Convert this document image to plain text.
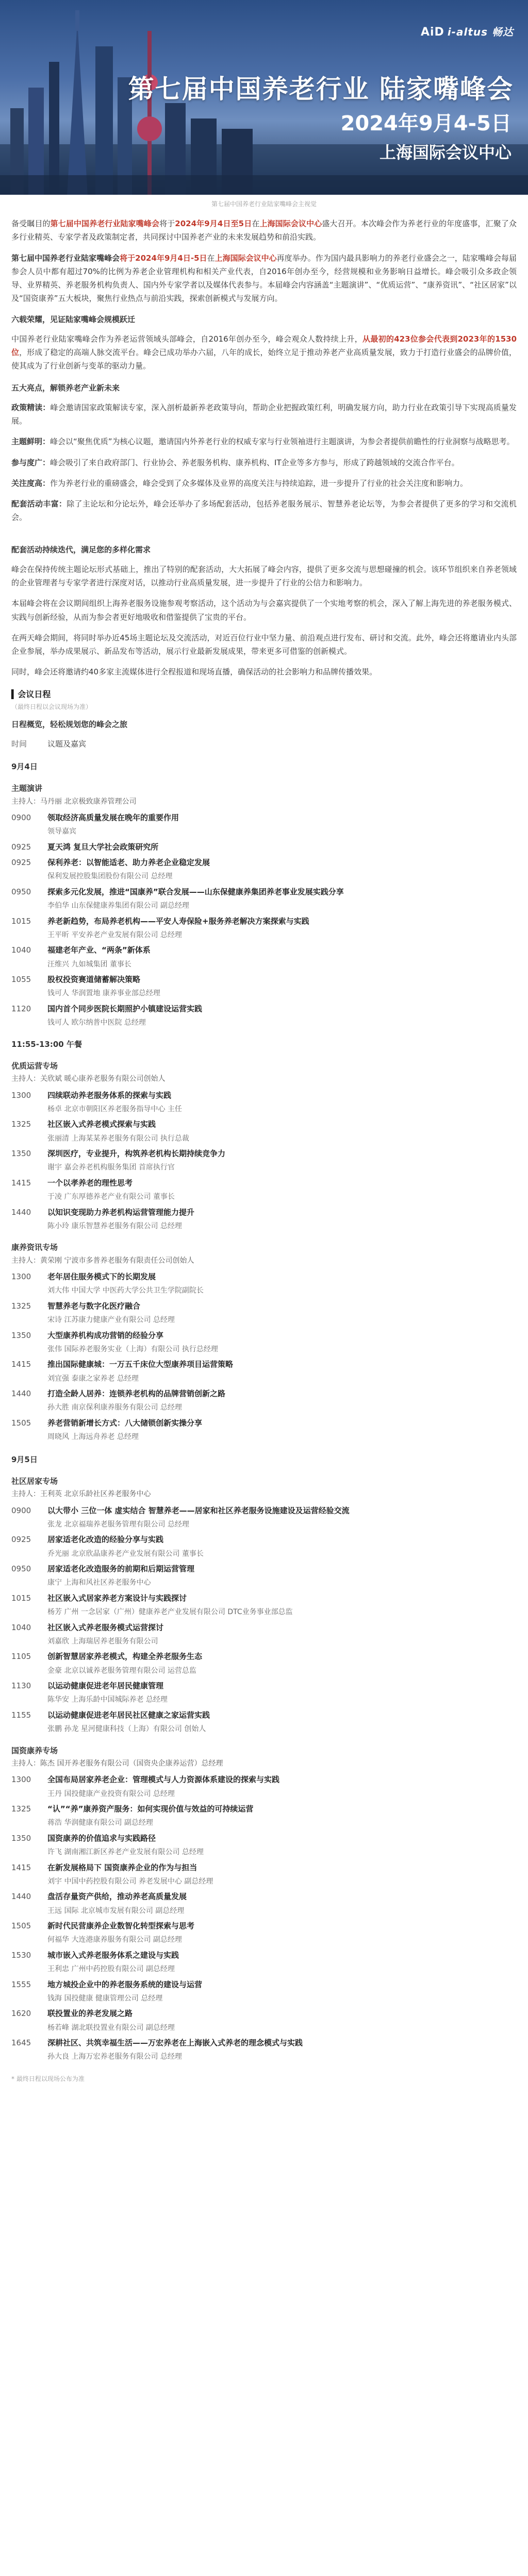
AiD i-altus 畅达
第七届中国养老行业 陆家嘴峰会
2024年9月4-5日
上海国际会议中心
第七届中国养老行业陆家嘴峰会主视觉

备受瞩目的第七届中国养老行业陆家嘴峰会将于2024年9月4日至5日在上海国际会议中心盛大召开。本次峰会作为养老行业的年度盛事，汇聚了众多行业精英、专家学者及政策制定者，共同探讨中国养老产业的未来发展趋势和前沿实践。

第七届中国养老行业陆家嘴峰会将于2024年9月4日-5日在上海国际会议中心再度举办。作为国内最具影响力的养老行业盛会之一，陆家嘴峰会每届参会人员中都有超过70%的比例为养老企业管理机构和相关产业代表，自2016年创办至今，经营规模和业务影响日益增长。峰会吸引众多政企领导、业界精英、养老服务机构负责人、国内外专家学者以及媒体代表参与。本届峰会内容涵盖“主题演讲”、“优质运营”、“康养资讯”、“社区居家”以及“国资康养”五大板块，聚焦行业热点与前沿实践，探索创新模式与发展方向。

六载荣耀，见证陆家嘴峰会规模跃迁

中国养老行业陆家嘴峰会作为养老运营领域头部峰会，自2016年创办至今，峰会观众人数持续上升，从最初的423位参会代表到2023年的1530位，形成了稳定的高端人脉交流平台。峰会已成功举办六届，八年的成长，始终立足于推动养老产业高质量发展，致力于打造行业盛会的品牌价值，使其成为了行业创新与变革的驱动力量。

五大亮点，解锁养老产业新未来

政策精读：峰会邀请国家政策解读专家，深入剖析最新养老政策导向，帮助企业把握政策红利，明确发展方向，助力行业在政策引导下实现高质量发展。

主题鲜明：峰会以“聚焦优质”为核心议题，邀请国内外养老行业的权威专家与行业领袖进行主题演讲，为参会者提供前瞻性的行业洞察与战略思考。

参与度广：峰会吸引了来自政府部门、行业协会、养老服务机构、康养机构、IT企业等多方参与，形成了跨越领域的交流合作平台。

关注度高：作为养老行业的重磅盛会，峰会受到了众多媒体及业界的高度关注与持续追踪，进一步提升了行业的社会关注度和影响力。

配套活动丰富：除了主论坛和分论坛外，峰会还举办了多场配套活动，包括养老服务展示、智慧养老论坛等，为参会者提供了更多的学习和交流机会。

配套活动持续迭代，满足您的多样化需求

峰会在保持传统主题论坛形式基础上，推出了特别的配套活动，大大拓展了峰会内容，提供了更多交流与思想碰撞的机会。该环节组织来自养老领域的企业管理者与专家学者进行深度对话，以推动行业高质量发展，进一步提升了行业的公信力和影响力。

本届峰会将在会议期间组织上海养老服务设施参观考察活动，这个活动为与会嘉宾提供了一个实地考察的机会，深入了解上海先进的养老服务模式、实践与创新经验，从而为参会者更好地吸收和借鉴提供了宝贵的平台。

在两天峰会期间，将同时举办近45场主题论坛及交流活动，对近百位行业中坚力量、前沿观点进行发布、研讨和交流。此外，峰会还将邀请业内头部企业参展，举办成果展示、新品发布等活动，展示行业最新发展成果，带来更多可借鉴的创新模式。

同时，峰会还将邀请约40多家主流媒体进行全程报道和现场直播，确保活动的社会影响力和品牌传播效果。

▍会议日程
（最终日程以会议现场为准）
日程概览，轻松规划您的峰会之旅
时间	议题及嘉宾
9月4日
主题演讲
主持人：马丹丽 北京极致康养管理公司
0900	领取经济高质量发展在晚年的重要作用
领导嘉宾
0925	夏天鸿 复旦大学社会政策研究所
0925	保利养老：以智能适老、助力养老企业稳定发展
保利发展控股集团股份有限公司 总经理
0950	探索多元化发展，推进“国康养”联合发展——山东保健康养集团养老事业发展实践分享
李伯华 山东保健康养集团有限公司 副总经理
1015	养老新趋势，布局养老机构——平安人寿保险+服务养老解决方案探索与实践
王平昕 平安养老产业发展有限公司 总经理
1040	福建老年产业、“两条”新体系
汪维兴 九如城集团 董事长
1055	股权投资赛道储蓄解决策略
钱可人 华润置地 康养事业部总经理
1120	国内首个同步医院长期照护小镇建设运营实践
钱可人 欧尔纳普中医院 总经理
11:55-13:00 午餐
优质运营专场
主持人：关欣斌 暖心康养老服务有限公司创始人
1300	四续联动养老服务体系的探索与实践
杨卓 北京市朝阳区养老服务指导中心 主任
1325	社区嵌入式养老模式探索与实践
张丽清 上海某某养老服务有限公司 执行总裁
1350	深圳医疗，专业提升，构筑养老机构长期持续竞争力
谢宇 嘉会养老机构服务集团 首席执行官
1415	一个以孝养老的理性思考
于凌 广东厚德养老产业有限公司 董事长
1440	以知识变现助力养老机构运营管理能力提升
陈小玲 康乐智慧养老服务有限公司 总经理
康养资讯专场
主持人：黄荣刚 宁波市多普养老服务有限责任公司创始人
1300	老年居住服务模式下的长期发展
刘大伟 中国大学 中医药大学公共卫生学院副院长
1325	智慧养老与数字化医疗融合
宋诗 江苏康力健康产业有限公司 总经理
1350	大型康养机构成功营销的经验分享
张伟 国际养老服务实业（上海）有限公司 执行总经理
1415	推出国际健康城：一万五千床位大型康养项目运营策略
刘宜强 泰康之家养老 总经理
1440	打造全龄人居养：连锁养老机构的品牌营销创新之路
孙大胜 南京保利康养服务有限公司 总经理
1505	养老营销新增长方式：八大储锁创新实操分享
周晓风 上海远舟养老 总经理
9月5日
社区居家专场
主持人：王利英 北京乐龄社区养老服务中心
0900	以大带小 三位一体 虚实结合 智慧养老——居家和社区养老服务设施建设及运营经验交流
张龙 北京福瑞养老服务管理有限公司 总经理
0925	居家适老化改造的经验分享与实践
乔光丽 北京欣晶康养老产业发展有限公司 董事长
0950	居家适老化改造服务的前期和后期运营管理
康宁 上海和风社区养老服务中心
1015	社区嵌入式居家养老方案设计与实践探讨
杨芳 广州 一念居家（广州）健康养老产业发展有限公司 DTC业务事业部总监
1040	社区嵌入式养老服务模式运营探讨
刘嘉欣 上海瑞居养老服务有限公司
1105	创新智慧居家养老模式，构建全养老服务生态
金豪 北京以诚养老服务管理有限公司 运营总监
1130	以运动健康促进老年居民健康管理
陈华安 上海乐龄中国城际养老 总经理
1155	以运动健康促进老年居民社区健康之家运营实践
张鹏 孙龙 星河健康科技（上海）有限公司 创始人
国资康养专场
主持人：陈杰 国开养老服务有限公司（国资央企康养运营）总经理
1300	全国布局居家养老企业：管理模式与人力资源体系建设的探索与实践
王丹 国投健康产业投资有限公司 总经理
1325	“认”“养”康养资产服务：如何实现价值与效益的可持续运营
蒋浩 华润健康有限公司 副总经理
1350	国资康养的价值追求与实践路径
许飞 湖南湘江新区养老产业发展有限公司 总经理
1415	在新发展格局下 国资康养企业的作为与担当
刘宇 中国中药控股有限公司 养老发展中心 副总经理
1440	盘活存量资产供给，推动养老高质量发展
王远 国际 北京城市发展有限公司 副总经理
1505	新时代民营康养企业数智化转型探索与思考
何福华 大连港康养服务有限公司 副总经理
1530	城市嵌入式养老服务体系之建设与实践
王利忠 广州中药控股有限公司 副总经理
1555	地方城投企业中的养老服务系统的建设与运营
钱海 国投健康 健康管理公司 总经理
1620	联投置业的养老发展之路
杨若峰 湖北联投置业有限公司 副总经理
1645	深耕社区、共筑幸福生活——万宏养老在上海嵌入式养老的理念模式与实践
孙大良 上海万宏养老服务有限公司 总经理
* 最终日程以现场公布为准
